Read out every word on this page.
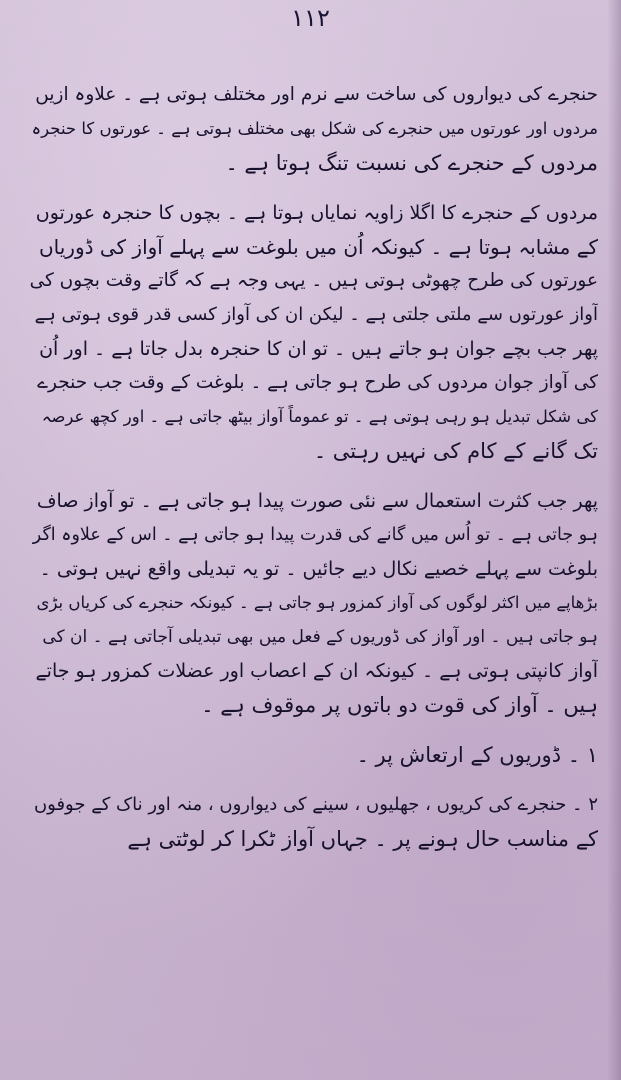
۱۱۲
حنجرے کی دیواروں کی ساخت سے نرم اور مختلف ہوتی ہے ۔ علاوہ ازیں
مردوں اور عورتوں میں حنجرے کی شکل بھی مختلف ہوتی ہے ۔ عورتوں کا حنجرہ
مردوں کے حنجرے کی نسبت تنگ ہوتا ہے ۔
مردوں کے حنجرے کا اگلا زاویہ نمایاں ہوتا ہے ۔ بچوں کا حنجرہ عورتوں
کے مشابہ ہوتا ہے ۔ کیونکہ اُن میں بلوغت سے پہلے آواز کی ڈوریاں
عورتوں کی طرح چھوٹی ہوتی ہیں ۔ یہی وجہ ہے کہ گاتے وقت بچوں کی
آواز عورتوں سے ملتی جلتی ہے ۔ لیکن ان کی آواز کسی قدر قوی ہوتی ہے
پھر جب بچے جوان ہو جاتے ہیں ۔ تو ان کا حنجرہ بدل جاتا ہے ۔ اور اُن
کی آواز جوان مردوں کی طرح ہو جاتی ہے ۔ بلوغت کے وقت جب حنجرے
کی شکل تبدیل ہو رہی ہوتی ہے ۔ تو عموماً آواز بیٹھ جاتی ہے ۔ اور کچھ عرصہ
تک گانے کے کام کی نہیں رہتی ۔
پھر جب کثرت استعمال سے نئی صورت پیدا ہو جاتی ہے ۔ تو آواز صاف
ہو جاتی ہے ۔ تو اُس میں گانے کی قدرت پیدا ہو جاتی ہے ۔ اس کے علاوہ اگر
بلوغت سے پہلے خصیے نکال دیے جائیں ۔ تو یہ تبدیلی واقع نہیں ہوتی ۔
بڑھاپے میں اکثر لوگوں کی آواز کمزور ہو جاتی ہے ۔ کیونکہ حنجرے کی کریاں بڑی
ہو جاتی ہیں ۔ اور آواز کی ڈوریوں کے فعل میں بھی تبدیلی آجاتی ہے ۔ ان کی
آواز کانپتی ہوتی ہے ۔ کیونکہ ان کے اعصاب اور عضلات کمزور ہو جاتے
ہیں ۔ آواز کی قوت دو باتوں پر موقوف ہے ۔
۱ ۔ ڈوریوں کے ارتعاش پر ۔
۲ ۔ حنجرے کی کریوں ، جھلیوں ، سینے کی دیواروں ، منہ اور ناک کے جوفوں
کے مناسب حال ہونے پر ۔ جہاں آواز ٹکرا کر لوٹتی ہے
